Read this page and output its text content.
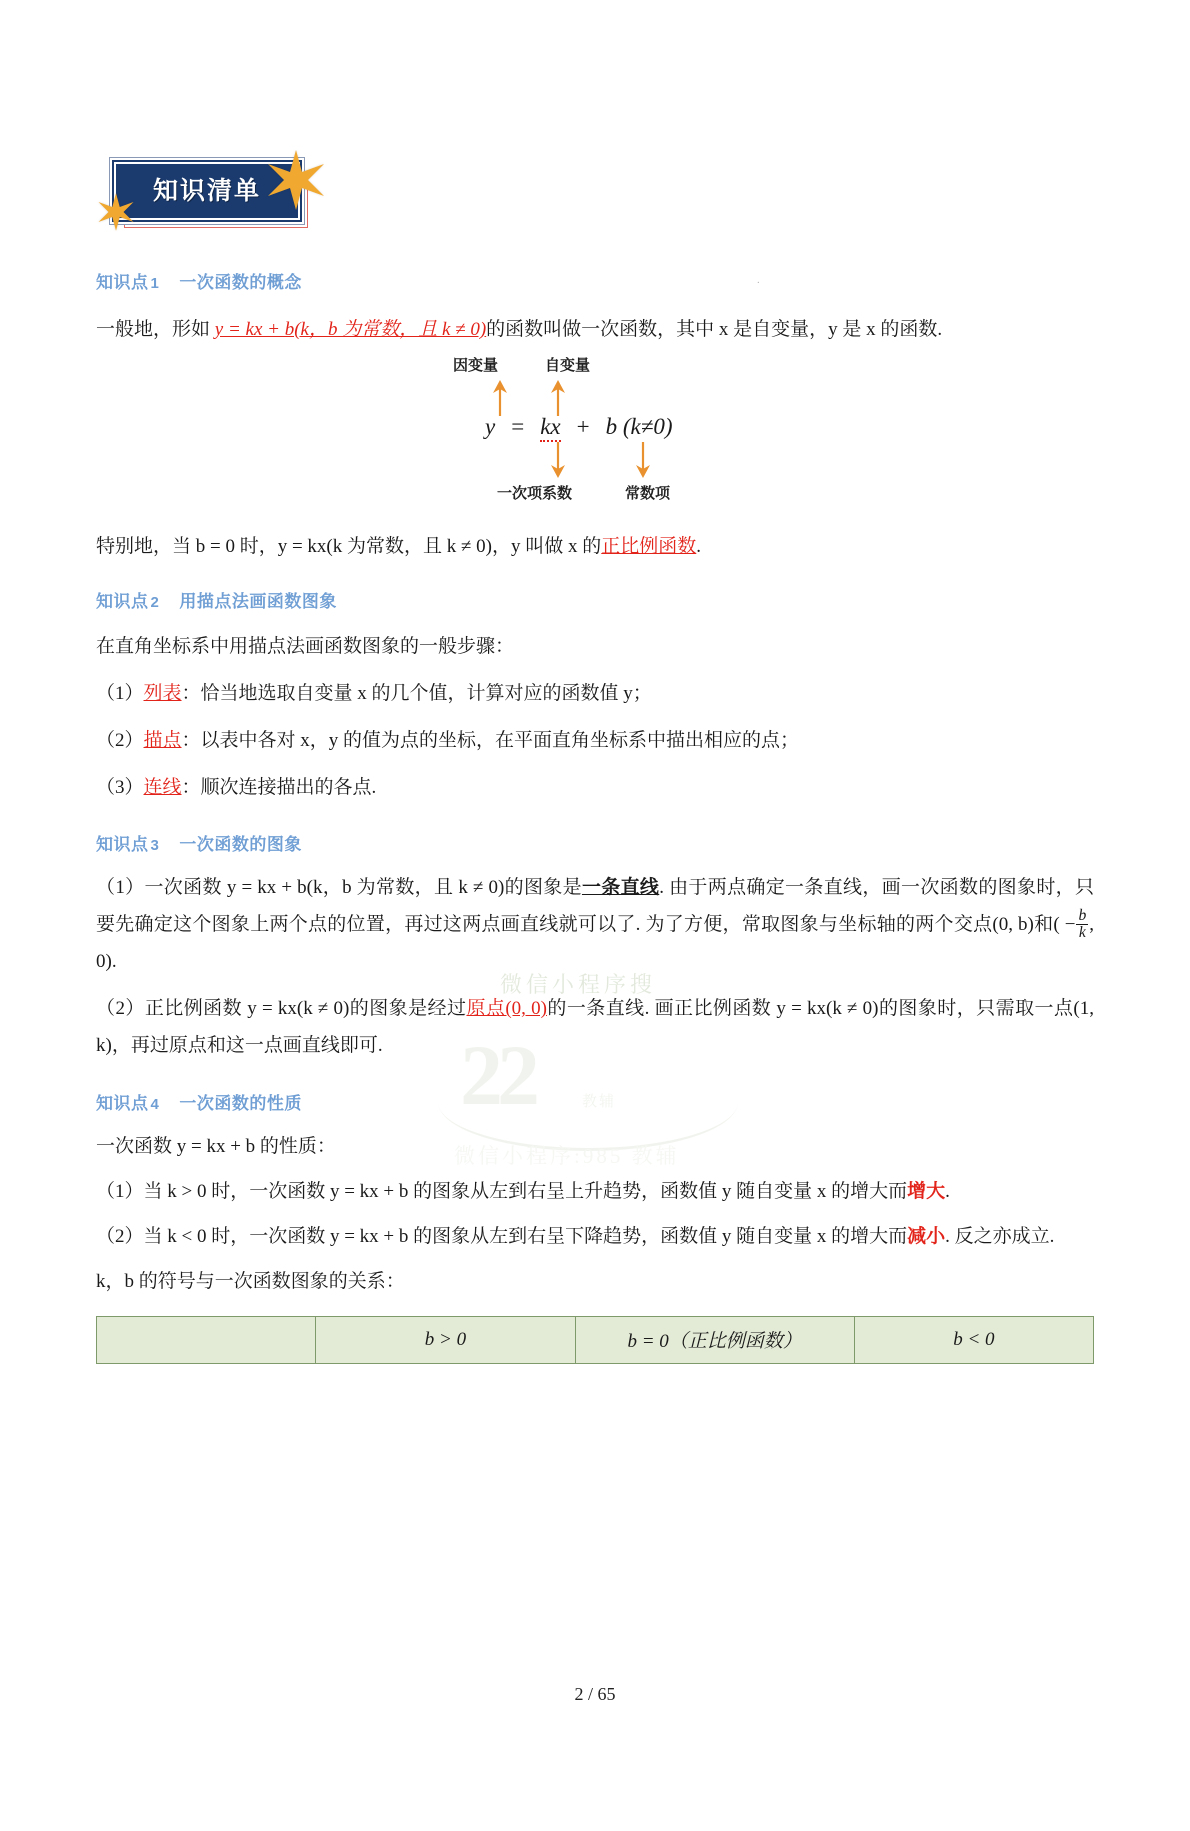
微信小程序搜
22	教辅
微信小程序:985 教辅
.
知识清单
知识点 1 一次函数的概念

一般地，形如 y = kx + b(k，b 为常数，且 k ≠ 0)的函数叫做一次函数，其中 x 是自变量，y 是 x 的函数.

因变量	自变量
y = kx + b (k≠0)
一次项系数	常数项

特别地，当 b = 0 时，y = kx(k 为常数，且 k ≠ 0)，y 叫做 x 的正比例函数.

知识点 2 用描点法画函数图象

在直角坐标系中用描点法画函数图象的一般步骤：

（1）列表：恰当地选取自变量 x 的几个值，计算对应的函数值 y；

（2）描点：以表中各对 x，y 的值为点的坐标，在平面直角坐标系中描出相应的点；

（3）连线：顺次连接描出的各点.

知识点 3 一次函数的图象

（1）一次函数 y = kx + b(k，b 为常数，且 k ≠ 0)的图象是一条直线. 由于两点确定一条直线，画一次函数的图象时，只要先确定这个图象上两个点的位置，再过这两点画直线就可以了. 为了方便，常取图象与坐标轴的两个交点(0, b)和( − $\frac{b}{k}$ , 0).

（2）正比例函数 y = kx(k ≠ 0)的图象是经过原点(0, 0)的一条直线. 画正比例函数 y = kx(k ≠ 0)的图象时，只需取一点(1, k)，再过原点和这一点画直线即可.

知识点 4 一次函数的性质

一次函数 y = kx + b 的性质：

（1）当 k > 0 时，一次函数 y = kx + b 的图象从左到右呈上升趋势，函数值 y 随自变量 x 的增大而增大.

（2）当 k < 0 时，一次函数 y = kx + b 的图象从左到右呈下降趋势，函数值 y 随自变量 x 的增大而减小. 反之亦成立.

k，b 的符号与一次函数图象的关系：

	b > 0	b = 0（正比例函数）	b < 0
2 / 65
